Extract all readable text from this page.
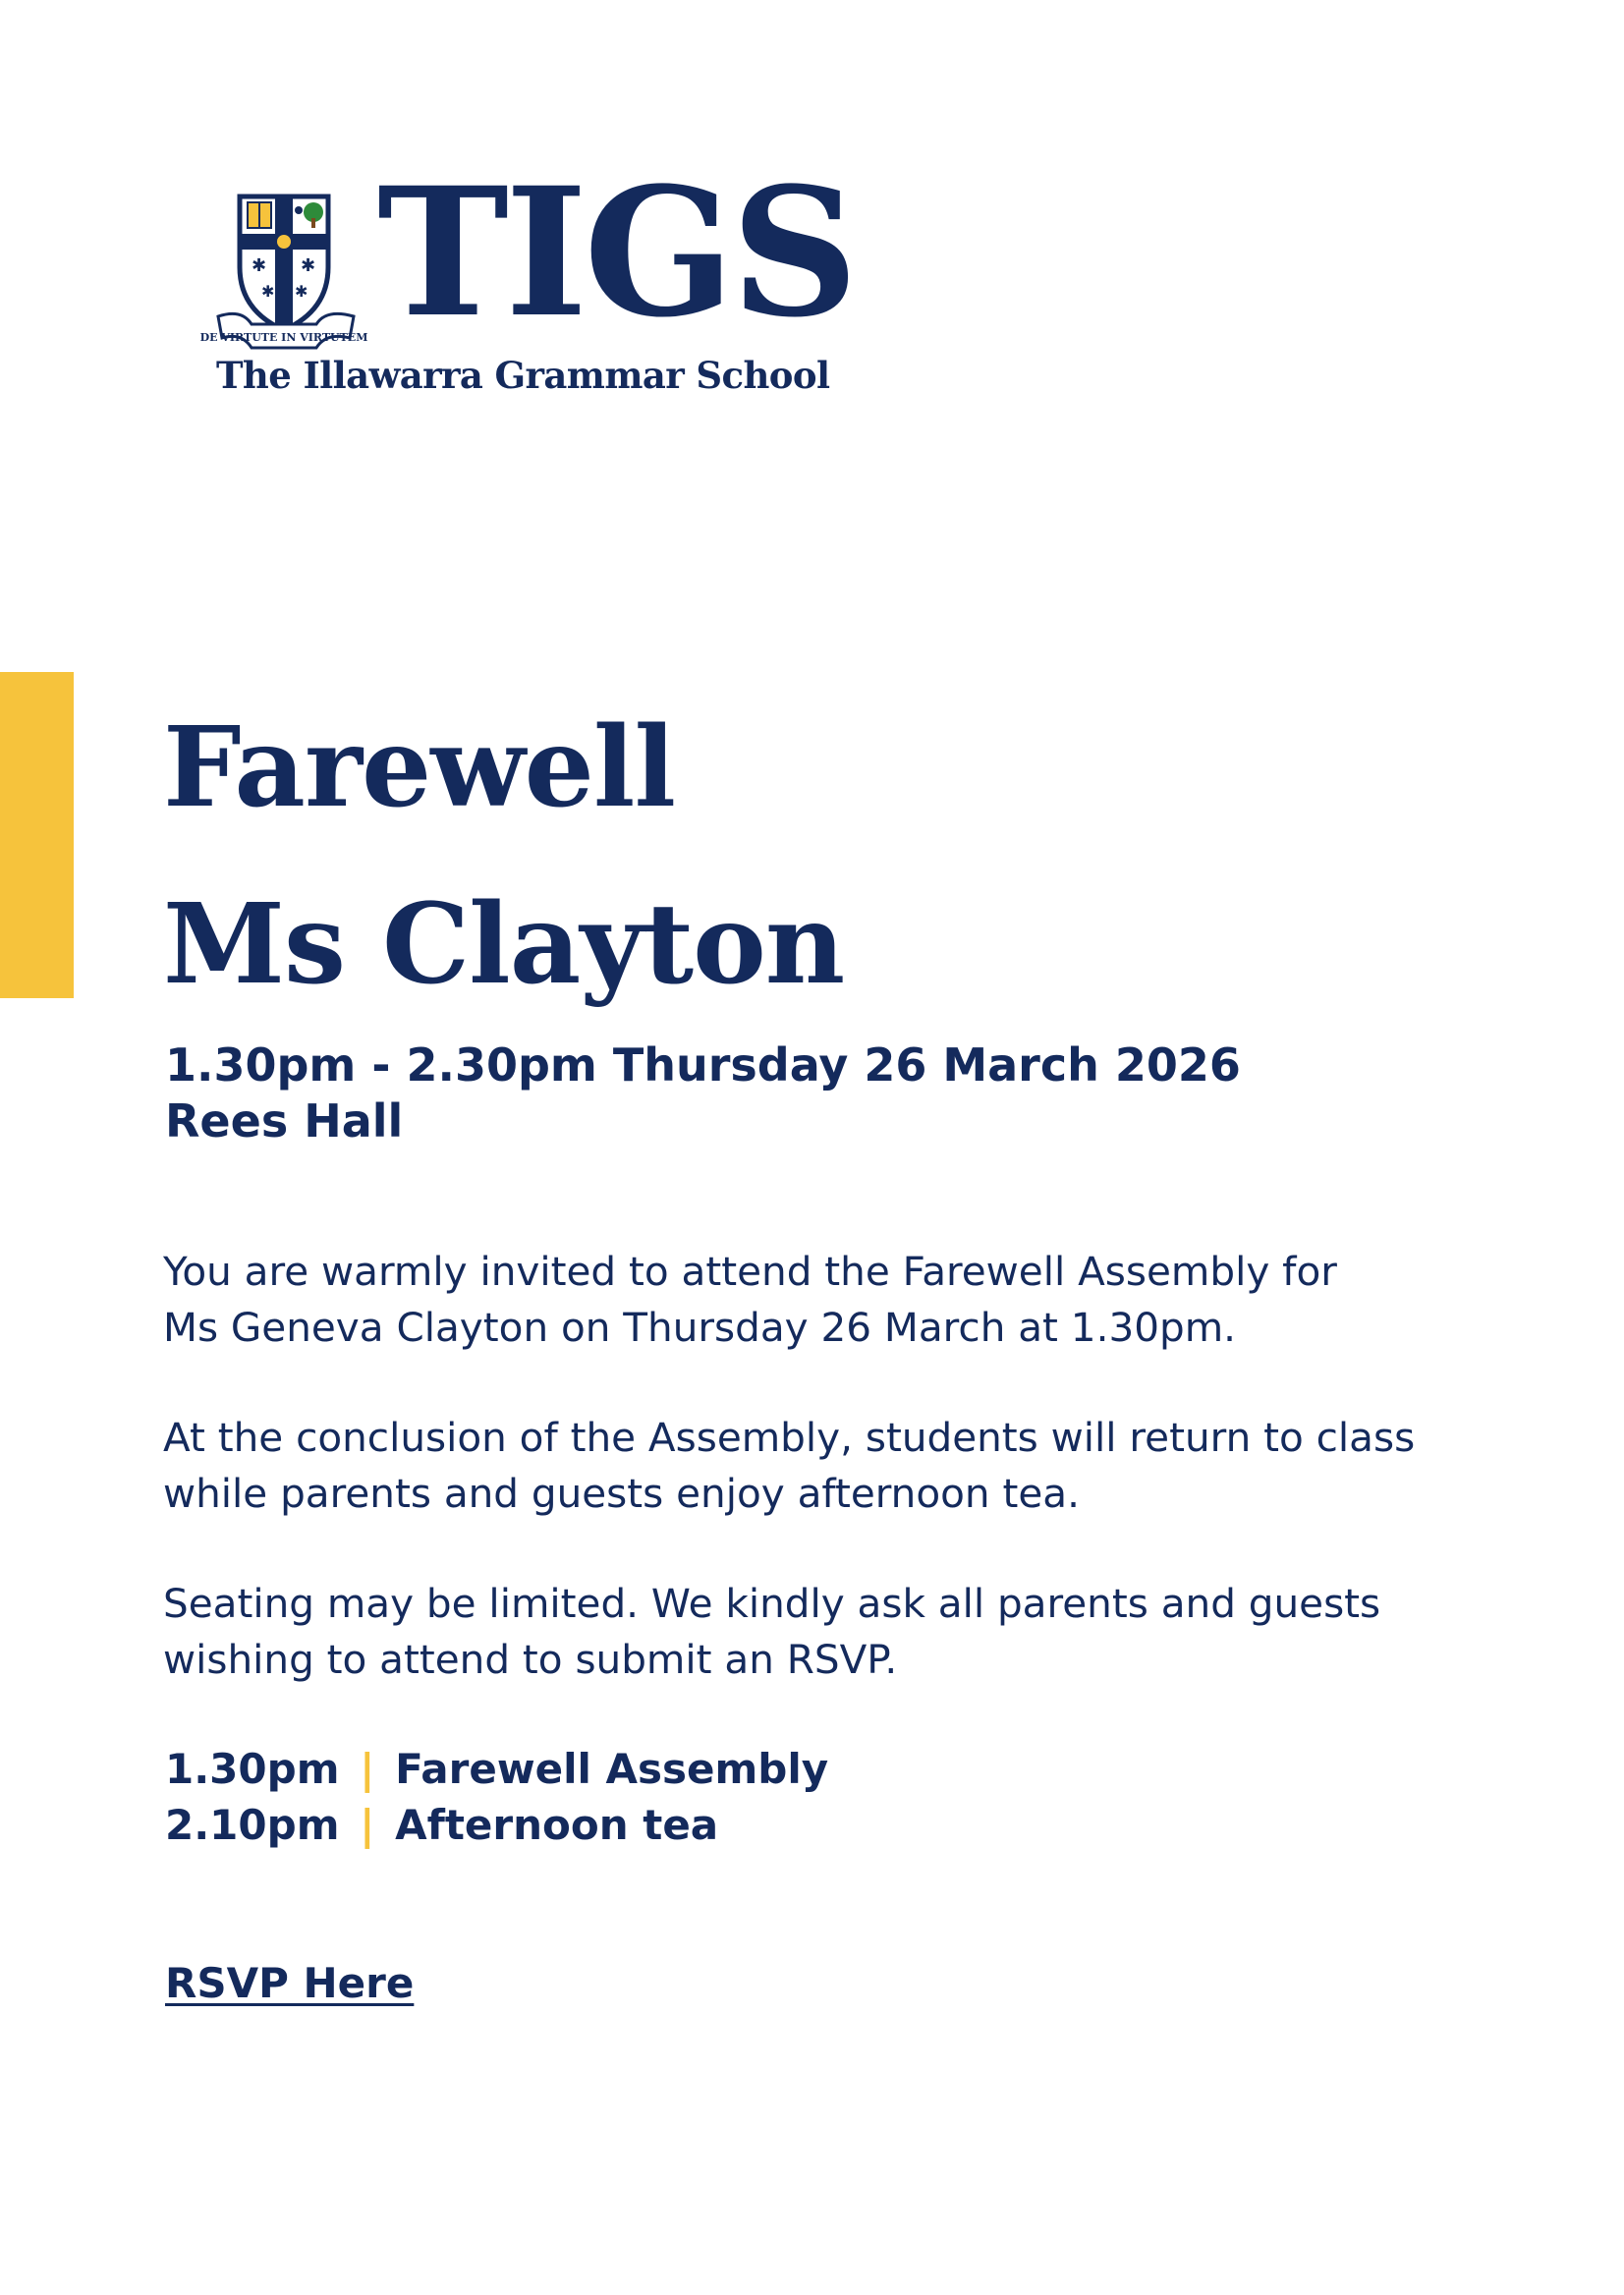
✱ ✱
✱ ✱
DE VIRTUTE IN VIRTUTEM TIGS
The Illawarra Grammar School
Farewell
Ms Clayton
1.30pm - 2.30pm Thursday 26 March 2026
Rees Hall

You are warmly invited to attend the Farewell Assembly for
Ms Geneva Clayton on Thursday 26 March at 1.30pm.

At the conclusion of the Assembly, students will return to class
while parents and guests enjoy afternoon tea.

Seating may be limited. We kindly ask all parents and guests
wishing to attend to submit an RSVP.

1.30pm | Farewell Assembly
2.10pm | Afternoon tea
RSVP Here
